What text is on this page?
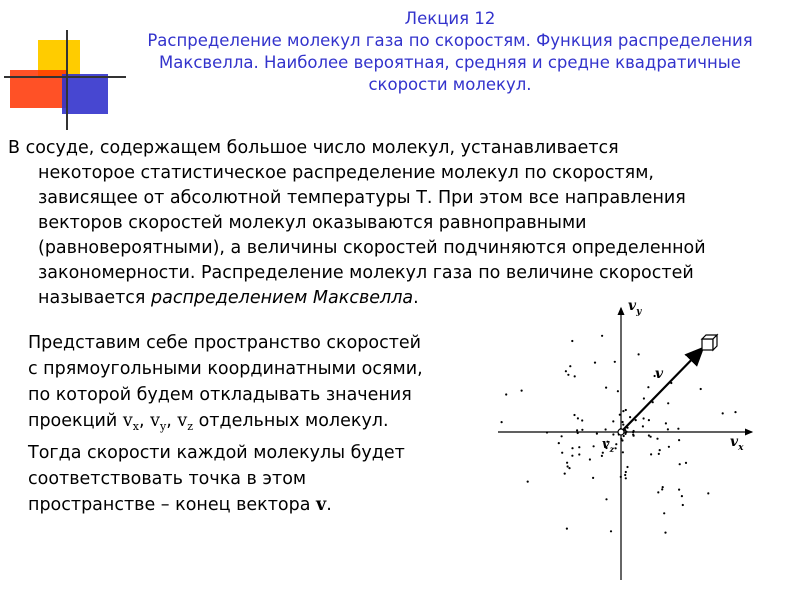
Лекция 12
Распределение молекул газа по скоростям. Функция распределения
Максвелла. Наиболее вероятная, средняя и средне квадратичные
скорости молекул.

В сосуде, содержащем большое число молекул, устанавливается

некоторое статистическое распределение молекул по скоростям,

зависящее от абсолютной температуры Т. При этом все направления

векторов скоростей молекул оказываются равноправными

(равновероятными), а величины скоростей подчиняются определенной

закономерности. Распределение молекул газа по величине скоростей

называется распределением Максвелла.

Представим себе пространство скоростей

с прямоугольными координатными осями,

по которой будем откладывать значения

проекций $v_x$, $v_y$, $v_z$ отдельных молекул.

Тогда скорости каждой молекулы будет

соответствовать точка в этом

пространстве – конец вектора v.

$v_y$
$v_x$
$v_z$
v
